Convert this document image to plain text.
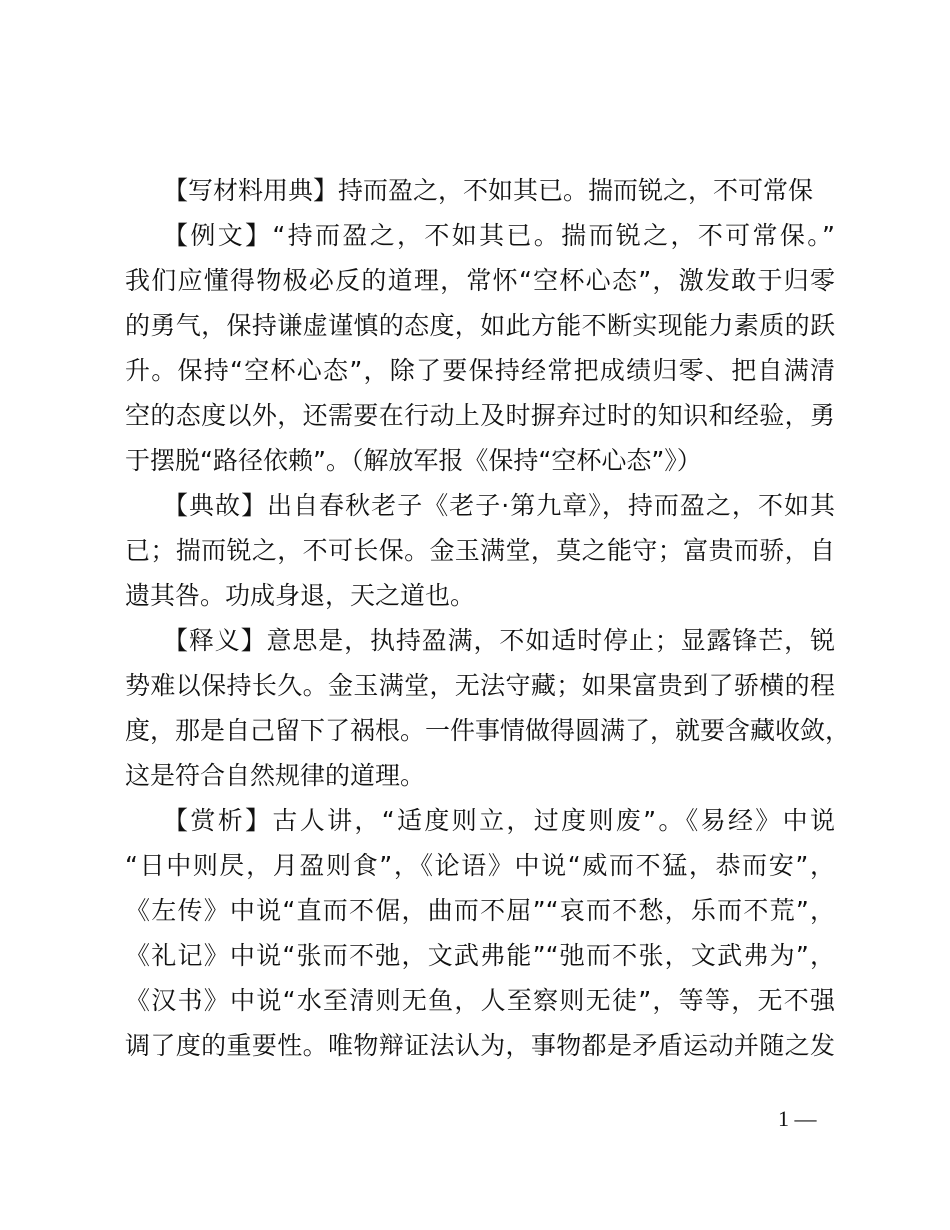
【写材料用典】持而盈之，不如其已。揣而锐之，不可常保
【例文】“持而盈之，不如其已。揣而锐之，不可常保。”
我们应懂得物极必反的道理，常怀“空杯心态”，激发敢于归零
的勇气，保持谦虚谨慎的态度，如此方能不断实现能力素质的跃
升。保持“空杯心态”，除了要保持经常把成绩归零、把自满清
空的态度以外，还需要在行动上及时摒弃过时的知识和经验，勇
于摆脱“路径依赖”。（解放军报《保持“空杯心态”》）
【典故】出自春秋老子《老子·第九章》，持而盈之，不如其
已；揣而锐之，不可长保。金玉满堂，莫之能守；富贵而骄，自
遗其咎。功成身退，天之道也。
【释义】意思是，执持盈满，不如适时停止；显露锋芒，锐
势难以保持长久。金玉满堂，无法守藏；如果富贵到了骄横的程
度，那是自己留下了祸根。一件事情做得圆满了，就要含藏收敛，
这是符合自然规律的道理。
【赏析】古人讲，“适度则立，过度则废”。《易经》中说
“日中则昃，月盈则食”，《论语》中说“威而不猛，恭而安”，
《左传》中说“直而不倨，曲而不屈”“哀而不愁，乐而不荒”，
《礼记》中说“张而不弛，文武弗能”“弛而不张，文武弗为”，
《汉书》中说“水至清则无鱼，人至察则无徒”，等等，无不强
调了度的重要性。唯物辩证法认为，事物都是矛盾运动并随之发
1 —
